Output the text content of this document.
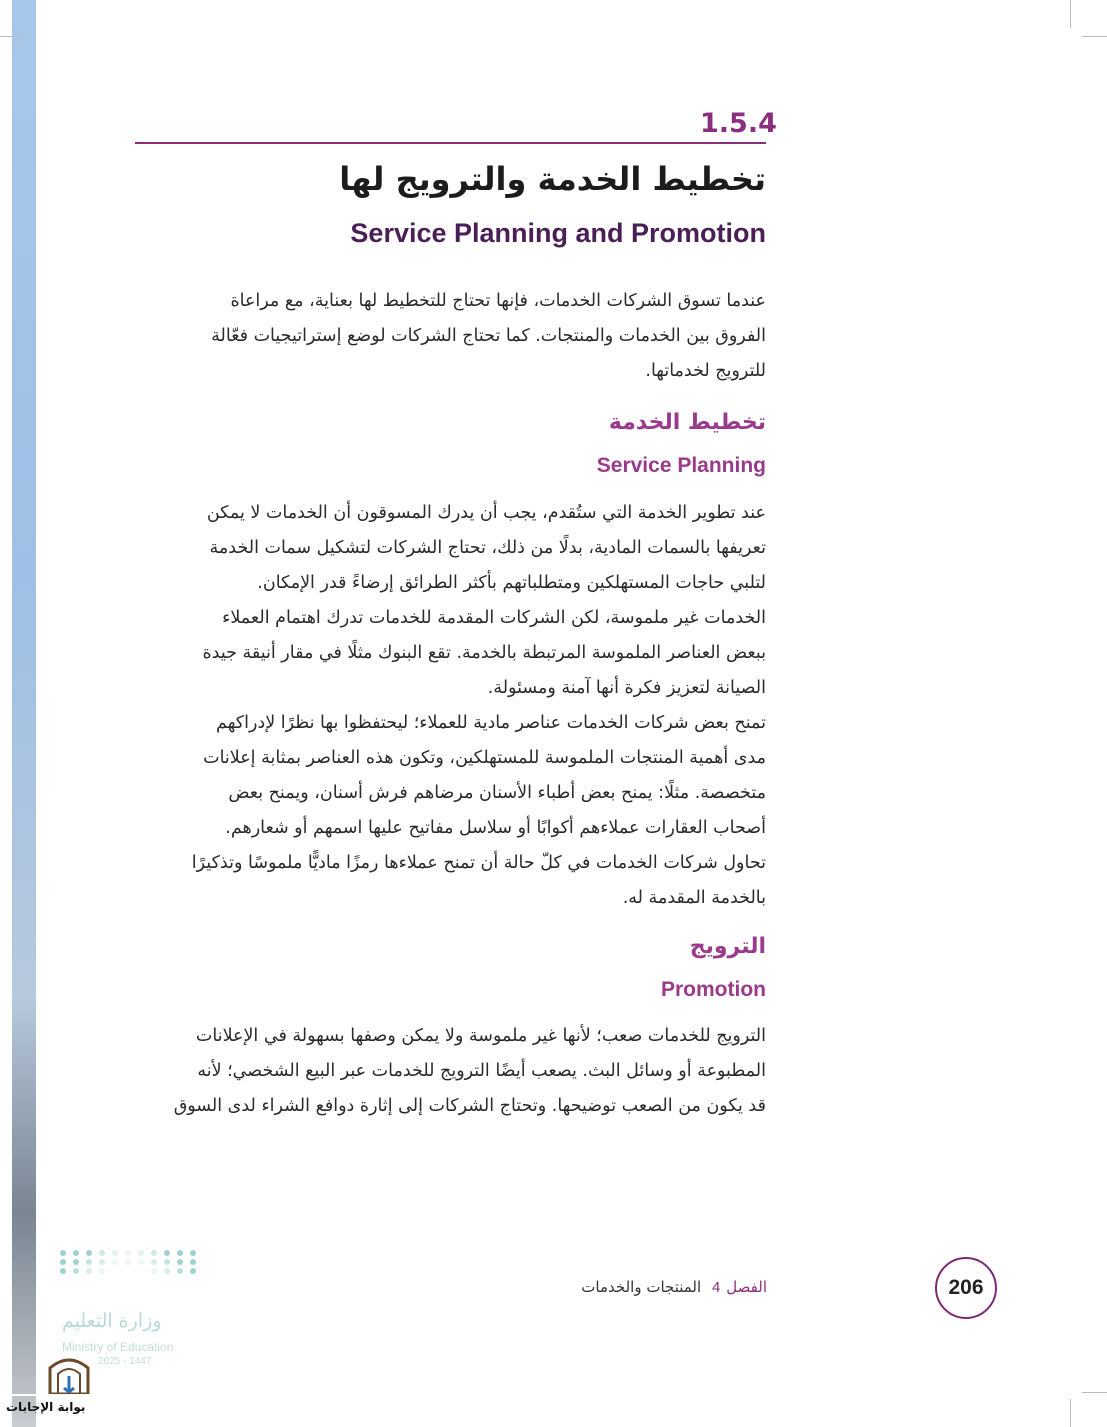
1.5.4
تخطيط الخدمة والترويج لها
Service Planning and Promotion

عندما تسوق الشركات الخدمات، فإنها تحتاج للتخطيط لها بعناية، مع مراعاة

الفروق بين الخدمات والمنتجات. كما تحتاج الشركات لوضع إستراتيجيات فعّالة

للترويج لخدماتها.

تخطيط الخدمة
Service Planning

عند تطوير الخدمة التي ستُقدم، يجب أن يدرك المسوقون أن الخدمات لا يمكن

تعريفها بالسمات المادية، بدلًا من ذلك، تحتاج الشركات لتشكيل سمات الخدمة

لتلبي حاجات المستهلكين ومتطلباتهم بأكثر الطرائق إرضاءً قدر الإمكان.

الخدمات غير ملموسة، لكن الشركات المقدمة للخدمات تدرك اهتمام العملاء

ببعض العناصر الملموسة المرتبطة بالخدمة. تقع البنوك مثلًا في مقار أنيقة جيدة

الصيانة لتعزيز فكرة أنها آمنة ومسئولة.

تمنح بعض شركات الخدمات عناصر مادية للعملاء؛ ليحتفظوا بها نظرًا لإدراكهم

مدى أهمية المنتجات الملموسة للمستهلكين، وتكون هذه العناصر بمثابة إعلانات

متخصصة. مثلًا: يمنح بعض أطباء الأسنان مرضاهم فرش أسنان، ويمنح بعض

أصحاب العقارات عملاءهم أكوابًا أو سلاسل مفاتيح عليها اسمهم أو شعارهم.

تحاول شركات الخدمات في كلّ حالة أن تمنح عملاءها رمزًا ماديًّا ملموسًا وتذكيرًا

بالخدمة المقدمة له.

الترويج
Promotion

الترويج للخدمات صعب؛ لأنها غير ملموسة ولا يمكن وصفها بسهولة في الإعلانات

المطبوعة أو وسائل البث. يصعب أيضًا الترويج للخدمات عبر البيع الشخصي؛ لأنه

قد يكون من الصعب توضيحها. وتحتاج الشركات إلى إثارة دوافع الشراء لدى السوق

206
الفصل4 المنتجات والخدمات
وزارة التعليم
Ministry of Education
2025 - 1447
بوابة الإجابات
